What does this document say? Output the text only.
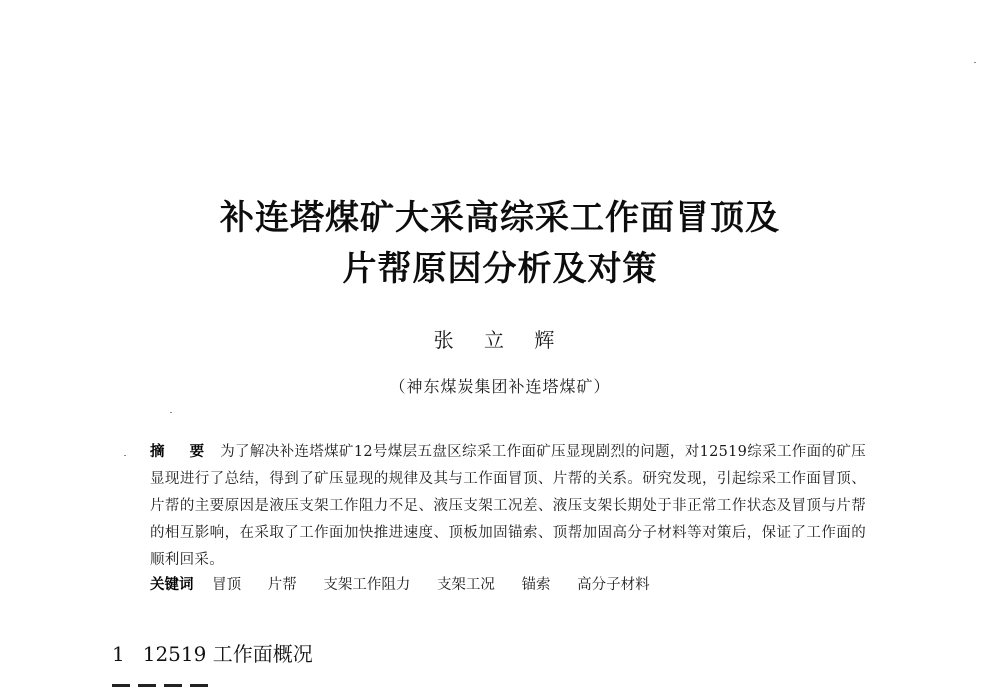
补连塔煤矿大采高综采工作面冒顶及
片帮原因分析及对策
张 立 辉
（神东煤炭集团补连塔煤矿）
摘 要 为了解决补连塔煤矿12号煤层五盘区综采工作面矿压显现剧烈的问题，对12519综采工作面的矿压显现进行了总结，得到了矿压显现的规律及其与工作面冒顶、片帮的关系。研究发现，引起综采工作面冒顶、片帮的主要原因是液压支架工作阻力不足、液压支架工况差、液压支架长期处于非正常工作状态及冒顶与片帮的相互影响，在采取了工作面加快推进速度、顶板加固锚索、顶帮加固高分子材料等对策后，保证了工作面的顺利回采。
关键词 冒顶 片帮 支架工作阻力 支架工况 锚索 高分子材料
1 12519 工作面概况
